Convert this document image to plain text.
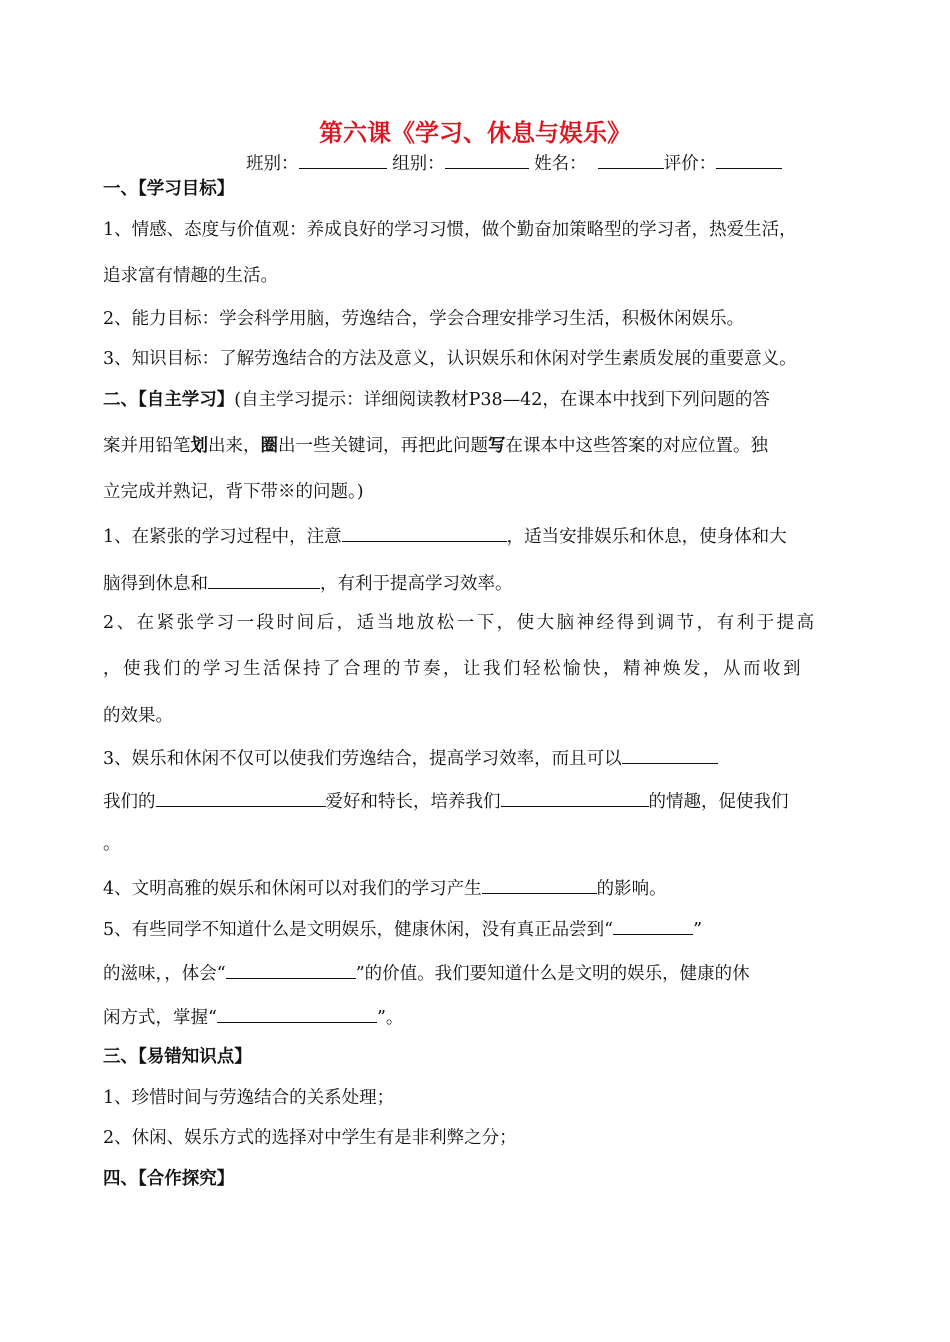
第六课《学习、休息与娱乐》
班别：	组别：	姓名：	评价：
一、【学习目标】
1、情感、态度与价值观：养成良好的学习习惯，做个勤奋加策略型的学习者，热爱生活，
追求富有情趣的生活。
2、能力目标：学会科学用脑，劳逸结合，学会合理安排学习生活，积极休闲娱乐。
3、知识目标：了解劳逸结合的方法及意义，认识娱乐和休闲对学生素质发展的重要意义。
二、【自主学习】(自主学习提示：详细阅读教材P38—42，在课本中找到下列问题的答
案并用铅笔划出来，圈出一些关键词，再把此问题写在课本中这些答案的对应位置。独
立完成并熟记，背下带※的问题。)
1、在紧张的学习过程中，注意	，适当安排娱乐和休息，使身体和大
脑得到休息和	，有利于提高学习效率。
2、在紧张学习一段时间后，适当地放松一下，使大脑神经得到调节，有利于提高
，使我们的学习生活保持了合理的节奏，让我们轻松愉快，精神焕发，从而收到
的效果。
3、娱乐和休闲不仅可以使我们劳逸结合，提高学习效率，而且可以
我们的	爱好和特长，培养我们	的情趣，促使我们
。
4、文明高雅的娱乐和休闲可以对我们的学习产生	的影响。
5、有些同学不知道什么是文明娱乐，健康休闲，没有真正品尝到“	”
的滋味，，体会“	”的价值。我们要知道什么是文明的娱乐，健康的休
闲方式，掌握“	”。
三、【易错知识点】
1、珍惜时间与劳逸结合的关系处理；
2、休闲、娱乐方式的选择对中学生有是非利弊之分；
四、【合作探究】
